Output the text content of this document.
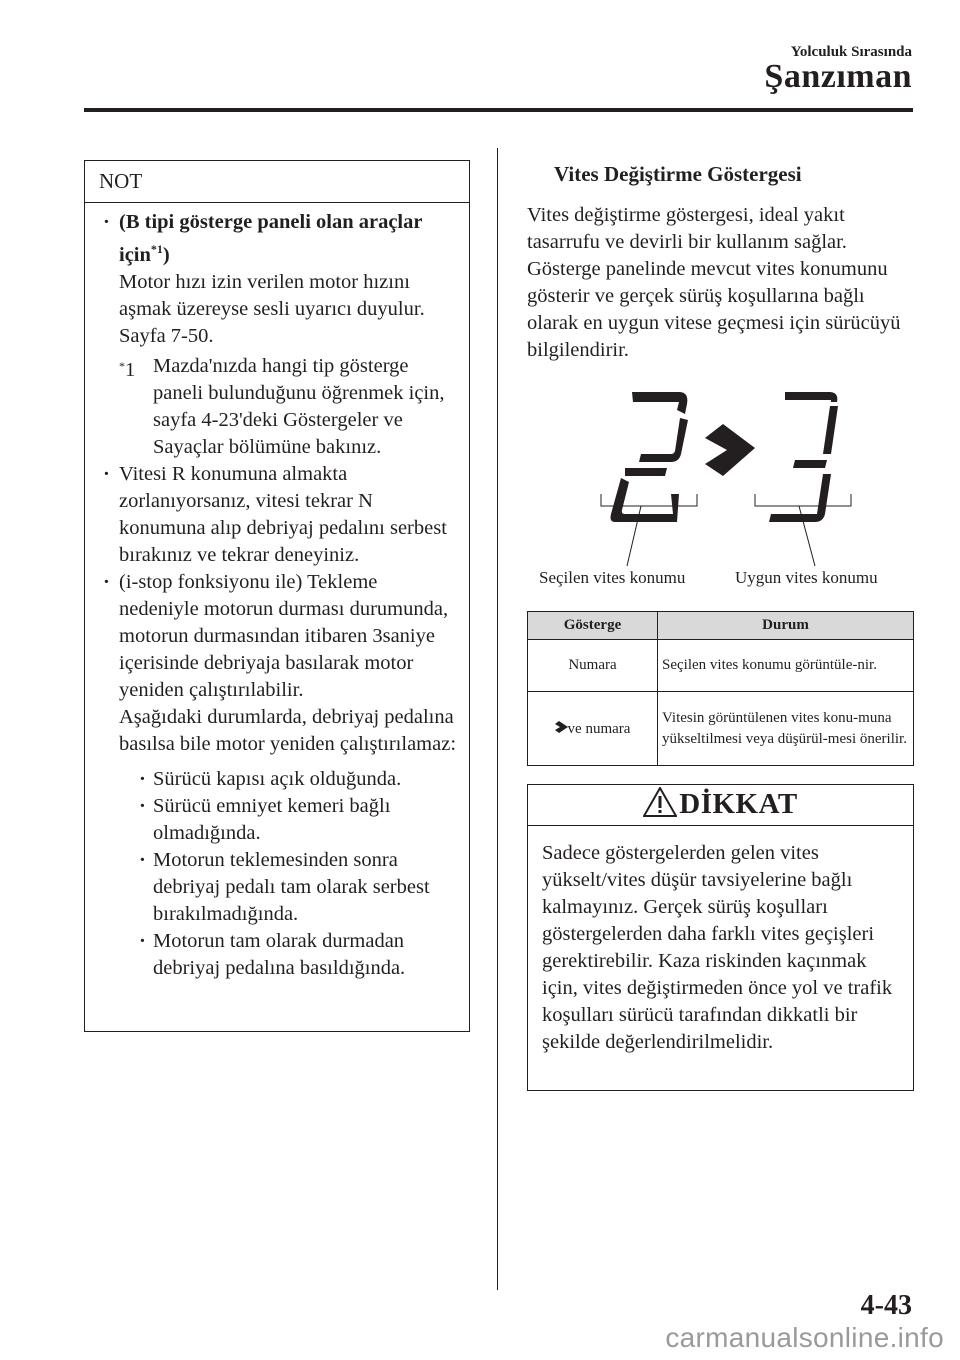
Yolculuk Sırasında
Şanzıman
NOT
· (B tipi gösterge paneli olan araçlar için$^{*1}$)
Motor hızı izin verilen motor hızını aşmak üzereyse sesli uyarıcı duyulur. Sayfa 7-50.
*1 Mazda'nızda hangi tip gösterge paneli bulunduğunu öğrenmek için, sayfa 4-23'deki Göstergeler ve Sayaçlar bölümüne bakınız.
· Vitesi R konumuna almakta zorlanıyorsanız, vitesi tekrar N konumuna alıp debriyaj pedalını serbest bırakınız ve tekrar deneyiniz.
· (i-stop fonksiyonu ile) Tekleme nedeniyle motorun durması durumunda, motorun durmasından itibaren 3saniye içerisinde debriyaja basılarak motor yeniden çalıştırılabilir.
Aşağıdaki durumlarda, debriyaj pedalına basılsa bile motor yeniden çalıştırılamaz:
· Sürücü kapısı açık olduğunda.
· Sürücü emniyet kemeri bağlı olmadığında.
· Motorun teklemesinden sonra debriyaj pedalı tam olarak serbest bırakılmadığında.
· Motorun tam olarak durmadan debriyaj pedalına basıldığında.
Vites Değiştirme Göstergesi
Vites değiştirme göstergesi, ideal yakıt tasarrufu ve devirli bir kullanım sağlar. Gösterge panelinde mevcut vites konumunu gösterir ve gerçek sürüş koşullarına bağlı olarak en uygun vitese geçmesi için sürücüyü bilgilendirir.
Seçilen vites konumu	Uygun vites konumu
Gösterge	Durum
Numara	Seçilen vites konumu görüntüle-nir.
ve numara	Vitesin görüntülenen vites konu-muna yükseltilmesi veya düşürül-mesi önerilir.
DİKKAT
Sadece göstergelerden gelen vites yükselt/vites düşür tavsiyelerine bağlı kalmayınız. Gerçek sürüş koşulları göstergelerden daha farklı vites geçişleri gerektirebilir. Kaza riskinden kaçınmak için, vites değiştirmeden önce yol ve trafik koşulları sürücü tarafından dikkatli bir şekilde değerlendirilmelidir.
4-43
carmanualsonline.info
